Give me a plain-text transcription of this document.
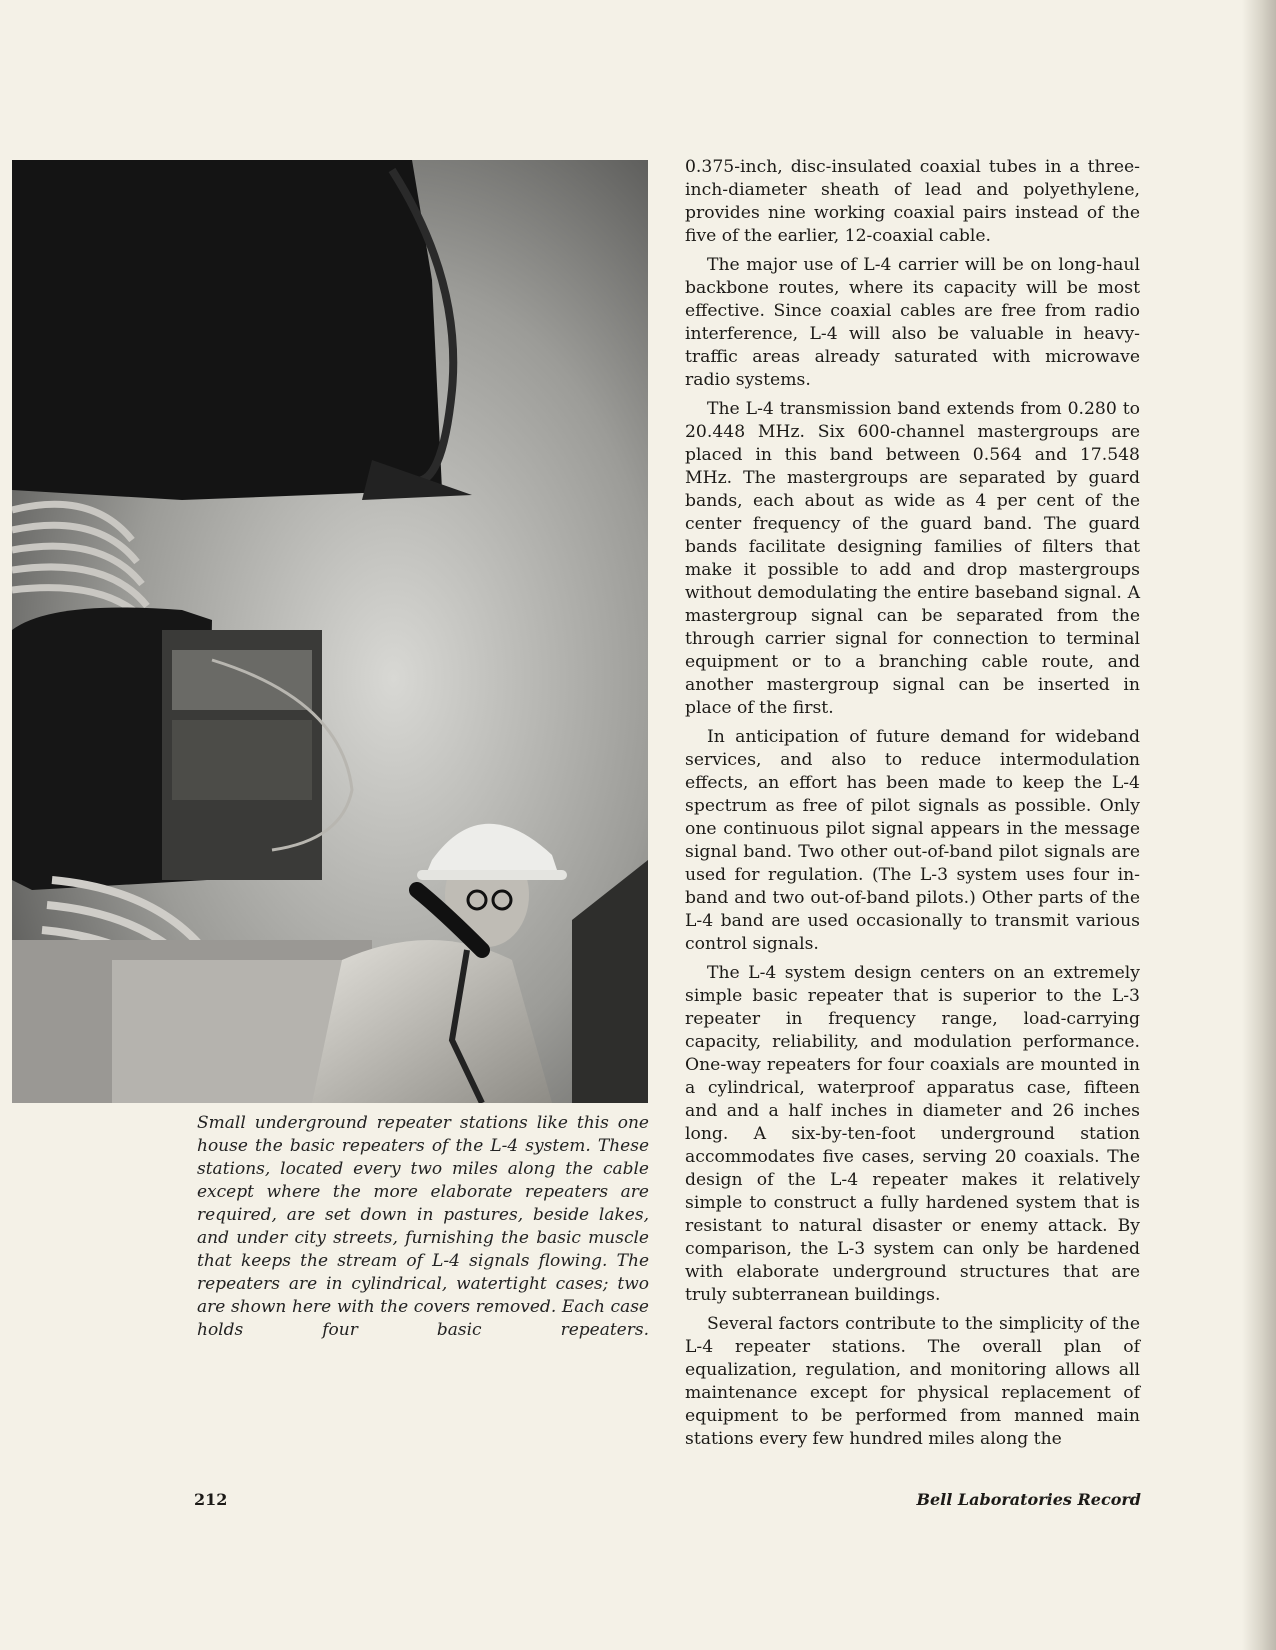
Small underground repeater stations like this one house the basic repeaters of the L-4 system. These stations, located every two miles along the cable except where the more elaborate repeaters are required, are set down in pastures, beside lakes, and under city streets, furnishing the basic muscle that keeps the stream of L-4 signals flowing. The repeaters are in cylindrical, watertight cases; two are shown here with the covers removed. Each case holds four basic repeaters.

0.375-inch, disc-insulated coaxial tubes in a three-inch-diameter sheath of lead and polyethylene, provides nine working coaxial pairs instead of the five of the earlier, 12-coaxial cable.

The major use of L-4 carrier will be on long-haul backbone routes, where its capacity will be most effective. Since coaxial cables are free from radio interference, L-4 will also be valuable in heavy-traffic areas already saturated with microwave radio systems.

The L-4 transmission band extends from 0.280 to 20.448 MHz. Six 600-channel mastergroups are placed in this band between 0.564 and 17.548 MHz. The mastergroups are separated by guard bands, each about as wide as 4 per cent of the center frequency of the guard band. The guard bands facilitate designing families of filters that make it possible to add and drop mastergroups without demodulating the entire baseband signal. A mastergroup signal can be separated from the through carrier signal for connection to terminal equipment or to a branching cable route, and another mastergroup signal can be inserted in place of the first.

In anticipation of future demand for wideband services, and also to reduce intermodulation effects, an effort has been made to keep the L-4 spectrum as free of pilot signals as possible. Only one continuous pilot signal appears in the message signal band. Two other out-of-band pilot signals are used for regulation. (The L-3 system uses four in-band and two out-of-band pilots.) Other parts of the L-4 band are used occasionally to transmit various control signals.

The L-4 system design centers on an extremely simple basic repeater that is superior to the L-3 repeater in frequency range, load-carrying capacity, reliability, and modulation performance. One-way repeaters for four coaxials are mounted in a cylindrical, waterproof apparatus case, fifteen and and a half inches in diameter and 26 inches long. A six-by-ten-foot underground station accommodates five cases, serving 20 coaxials. The design of the L-4 repeater makes it relatively simple to construct a fully hardened system that is resistant to natural disaster or enemy attack. By comparison, the L-3 system can only be hardened with elaborate underground structures that are truly subterranean buildings.

Several factors contribute to the simplicity of the L-4 repeater stations. The overall plan of equalization, regulation, and monitoring allows all maintenance except for physical replacement of equipment to be performed from manned main stations every few hundred miles along the

212	Bell Laboratories Record
